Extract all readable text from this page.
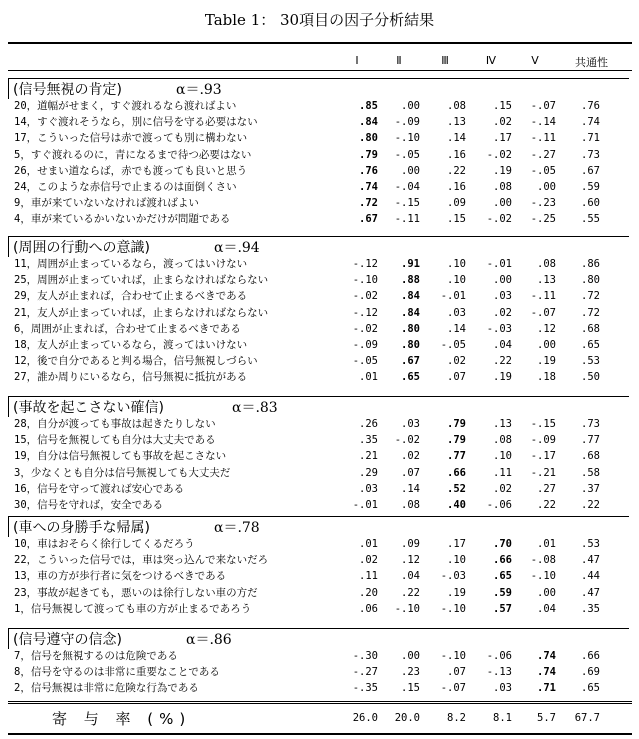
Table 1： 30項目の因子分析結果
Ⅰ	Ⅱ	Ⅲ	Ⅳ	Ⅴ	共通性
(信号無視の肯定)	α＝.93
20，道幅がせまく，すぐ渡れるなら渡ればよい	.85	.00	.08	.15	-.07	.76
14，すぐ渡れそうなら，別に信号を守る必要はない	.84	-.09	.13	.02	-.14	.74
17，こういった信号は赤で渡っても別に構わない	.80	-.10	.14	.17	-.11	.71
5，すぐ渡れるのに，青になるまで待つ必要はない	.79	-.05	.16	-.02	-.27	.73
26，せまい道ならば，赤でも渡っても良いと思う	.76	.00	.22	.19	-.05	.67
24，このような赤信号で止まるのは面倒くさい	.74	-.04	.16	.08	.00	.59
9，車が来ていないなければ渡ればよい	.72	-.15	.09	.00	-.23	.60
4，車が来ているかいないかだけが問題である	.67	-.11	.15	-.02	-.25	.55
(周囲の行動への意識)	α＝.94
11，周囲が止まっているなら，渡ってはいけない	-.12	.91	.10	-.01	.08	.86
25，周囲が止まっていれば，止まらなければならない	-.10	.88	.10	.00	.13	.80
29，友人が止まれば，合わせて止まるべきである	-.02	.84	-.01	.03	-.11	.72
21，友人が止まっていれば，止まらなければならない	-.12	.84	.03	.02	-.07	.72
6，周囲が止まれば，合わせて止まるべきである	-.02	.80	.14	-.03	.12	.68
18，友人が止まっているなら，渡ってはいけない	-.09	.80	-.05	.04	.00	.65
12，後で自分であると判る場合，信号無視しづらい	-.05	.67	.02	.22	.19	.53
27，誰か周りにいるなら，信号無視に抵抗がある	.01	.65	.07	.19	.18	.50
(事故を起こさない確信)	α＝.83
28，自分が渡っても事故は起きたりしない	.26	.03	.79	.13	-.15	.73
15，信号を無視しても自分は大丈夫である	.35	-.02	.79	.08	-.09	.77
19，自分は信号無視しても事故を起こさない	.21	.02	.77	.10	-.17	.68
3，少なくとも自分は信号無視しても大丈夫だ	.29	.07	.66	.11	-.21	.58
16，信号を守って渡れば安心である	.03	.14	.52	.02	.27	.37
30，信号を守れば，安全である	-.01	.08	.40	-.06	.22	.22
(車への身勝手な帰属)	α＝.78
10，車はおそらく徐行してくるだろう	.01	.09	.17	.70	.01	.53
22，こういった信号では，車は突っ込んで来ないだろ	.02	.12	.10	.66	-.08	.47
13，車の方が歩行者に気をつけるべきである	.11	.04	-.03	.65	-.10	.44
23，事故が起きても，悪いのは徐行しない車の方だ	.20	.22	.19	.59	.00	.47
1，信号無視して渡っても車の方が止まるであろう	.06	-.10	-.10	.57	.04	.35
(信号遵守の信念)	α＝.86
7，信号を無視するのは危険である	-.30	.00	-.10	-.06	.74	.66
8，信号を守るのは非常に重要なことである	-.27	.23	.07	-.13	.74	.69
2，信号無視は非常に危険な行為である	-.35	.15	-.07	.03	.71	.65
寄 与 率 (%)	26.0	20.0	8.2	8.1	5.7	67.7
